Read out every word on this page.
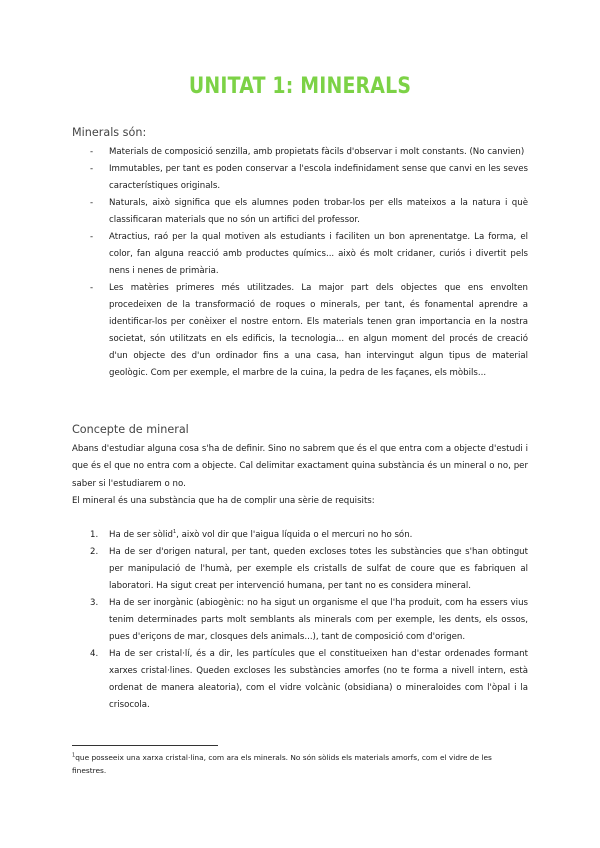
UNITAT 1: MINERALS
Minerals són:
- Materials de composició senzilla, amb propietats fàcils d'observar i molt constants. (No canvien)
- Immutables, per tant es poden conservar a l'escola indefinidament sense que canvi en les seves característiques originals.
- Naturals, això significa que els alumnes poden trobar-los per ells mateixos a la natura i què classificaran materials que no són un artifici del professor.
- Atractius, raó per la qual motiven als estudiants i faciliten un bon aprenentatge. La forma, el color, fan alguna reacció amb productes químics... això és molt cridaner, curiós i divertit pels nens i nenes de primària.
- Les matèries primeres més utilitzades. La major part dels objectes que ens envolten procedeixen de la transformació de roques o minerals, per tant, és fonamental aprendre a identificar-los per conèixer el nostre entorn. Els materials tenen gran importancia en la nostra societat, són utilitzats en els edificis, la tecnologia... en algun moment del procés de creació d'un objecte des d'un ordinador fins a una casa, han intervingut algun tipus de material geològic. Com per exemple, el marbre de la cuina, la pedra de les façanes, els mòbils...
Concepte de mineral

Abans d'estudiar alguna cosa s'ha de definir. Sino no sabrem que és el que entra com a objecte d'estudi i que és el que no entra com a objecte. Cal delimitar exactament quina substància és un mineral o no, per saber si l'estudiarem o no.

El mineral és una substància que ha de complir una sèrie de requisits:

1. Ha de ser sòlid$^1$, això vol dir que l'aigua líquida o el mercuri no ho són.
2. Ha de ser d'origen natural, per tant, queden excloses totes les substàncies que s'han obtingut per manipulació de l'humà, per exemple els cristalls de sulfat de coure que es fabriquen al laboratori. Ha sigut creat per intervenció humana, per tant no es considera mineral.
3. Ha de ser inorgànic (abiogènic: no ha sigut un organisme el que l'ha produit, com ha essers vius tenim determinades parts molt semblants als minerals com per exemple, les dents, els ossos, pues d'eriçons de mar, closques dels animals...), tant de composició com d'origen.
4. Ha de ser cristal·lí, és a dir, les partícules que el constitueixen han d'estar ordenades formant xarxes cristal·lines. Queden excloses les substàncies amorfes (no te forma a nivell intern, està ordenat de manera aleatoria), com el vidre volcànic (obsidiana) o mineraloides com l'òpal i la crisocola.

$^1$que posseeix una xarxa cristal·lina, com ara els minerals. No són sòlids els materials amorfs, com el vidre de les finestres.
